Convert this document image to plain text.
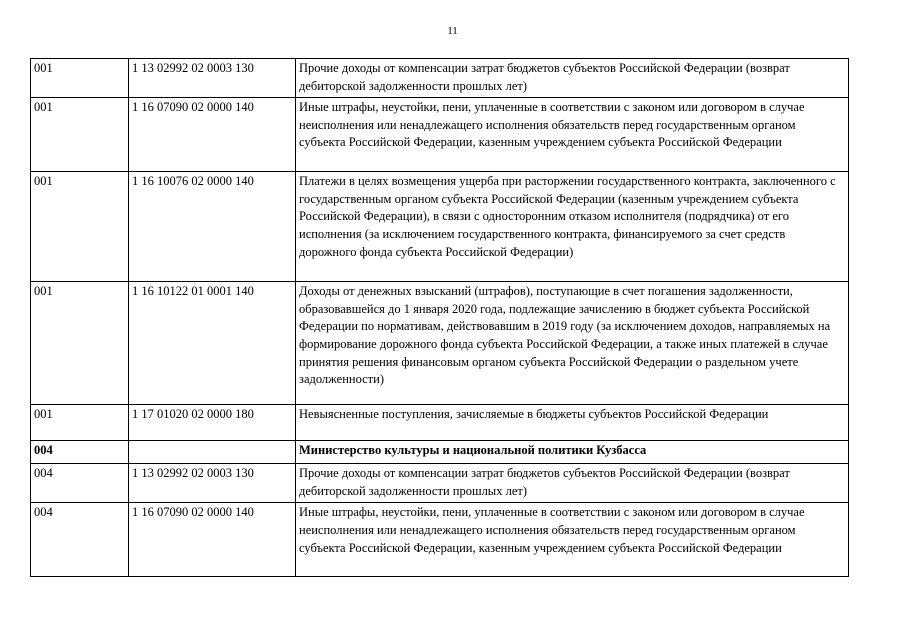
11
001	1 13 02992 02 0003 130	Прочие доходы от компенсации затрат бюджетов субъектов Российской Федерации (возврат дебиторской задолженности прошлых лет)
001	1 16 07090 02 0000 140	Иные штрафы, неустойки, пени, уплаченные в соответствии с законом или договором в случае неисполнения или ненадлежащего исполнения обязательств перед государственным органом субъекта Российской Федерации, казенным учреждением субъекта Российской Федерации
001	1 16 10076 02 0000 140	Платежи в целях возмещения ущерба при расторжении государственного контракта, заключенного с государственным органом субъекта Российской Федерации (казенным учреждением субъекта Российской Федерации), в связи с односторонним отказом исполнителя (подрядчика) от его исполнения (за исключением государственного контракта, финансируемого за счет средств дорожного фонда субъекта Российской Федерации)
001	1 16 10122 01 0001 140	Доходы от денежных взысканий (штрафов), поступающие в счет погашения задолженности, образовавшейся до 1 января 2020 года, подлежащие зачислению в бюджет субъекта Российской Федерации по нормативам, действовавшим в 2019 году (за исключением доходов, направляемых на формирование дорожного фонда субъекта Российской Федерации, а также иных платежей в случае принятия решения финансовым органом субъекта Российской Федерации о раздельном учете задолженности)
001	1 17 01020 02 0000 180	Невыясненные поступления, зачисляемые в бюджеты субъектов Российской Федерации
004		Министерство культуры и национальной политики Кузбасса
004	1 13 02992 02 0003 130	Прочие доходы от компенсации затрат бюджетов субъектов Российской Федерации (возврат дебиторской задолженности прошлых лет)
004	1 16 07090 02 0000 140	Иные штрафы, неустойки, пени, уплаченные в соответствии с законом или договором в случае неисполнения или ненадлежащего исполнения обязательств перед государственным органом субъекта Российской Федерации, казенным учреждением субъекта Российской Федерации
